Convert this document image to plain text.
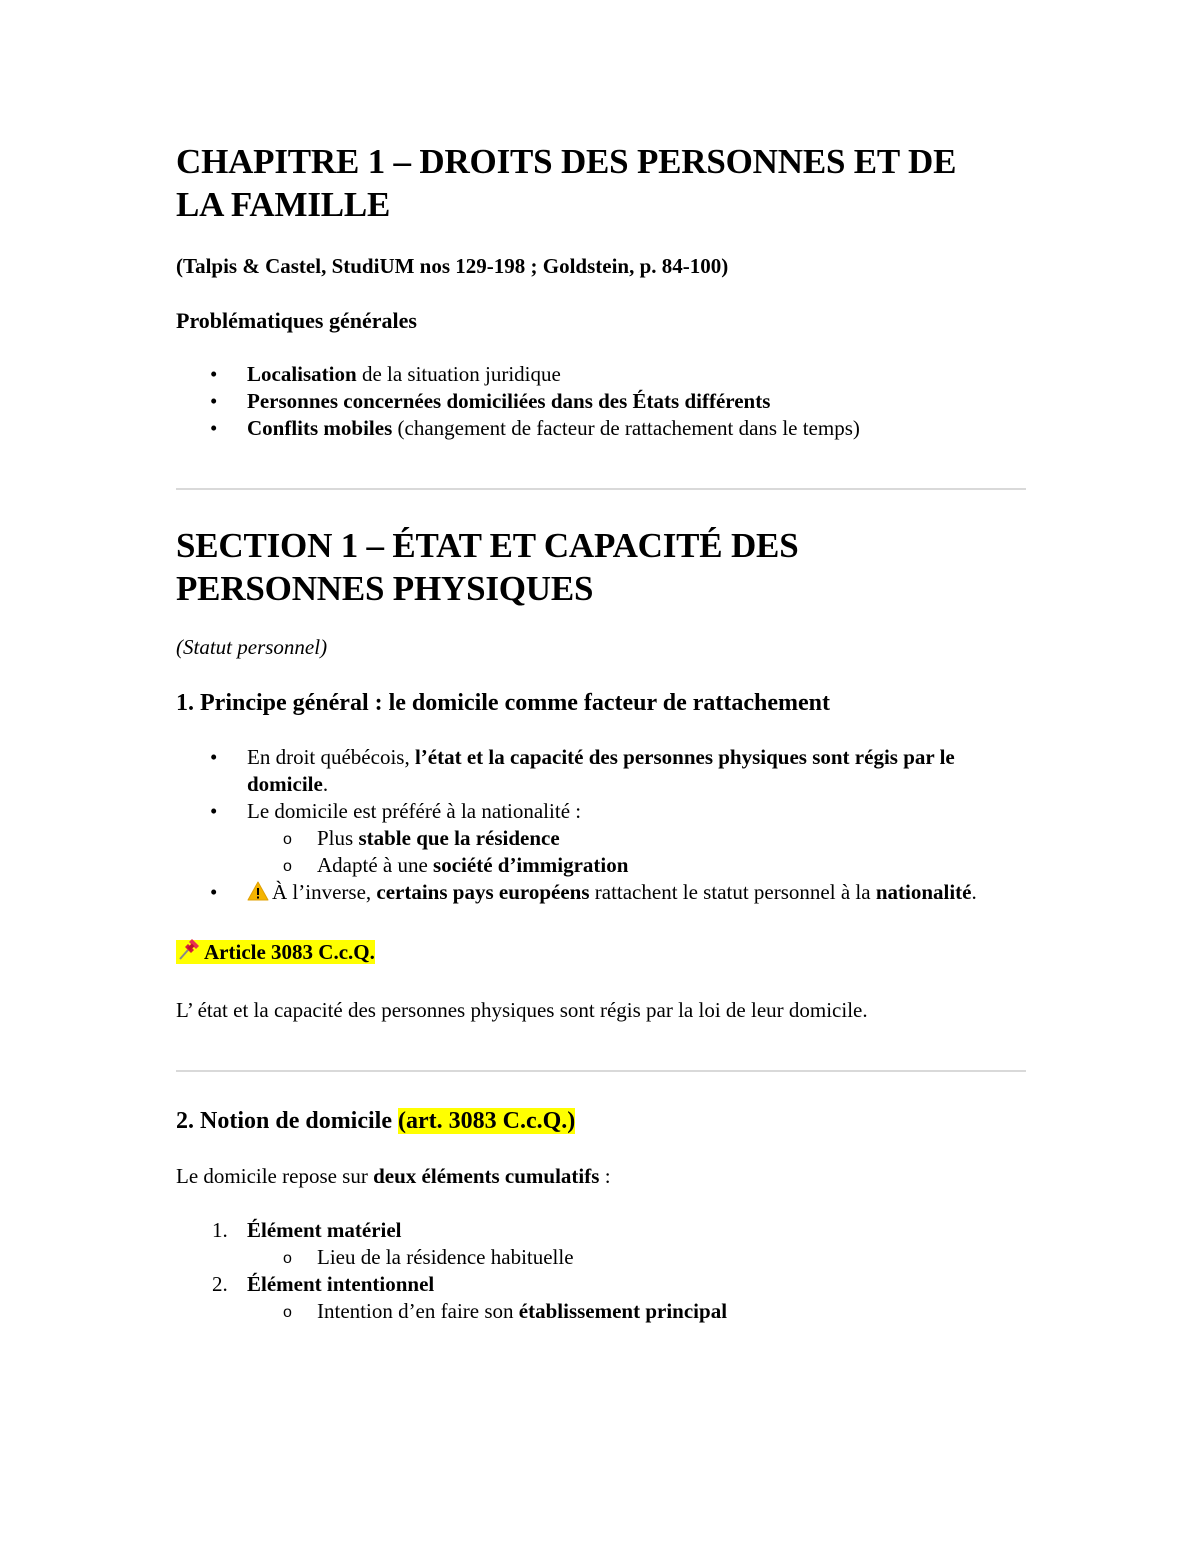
CHAPITRE 1 – DROITS DES PERSONNES ET DE LA FAMILLE

(Talpis & Castel, StudiUM nos 129-198 ; Goldstein, p. 84-100)

Problématiques générales

• Localisation de la situation juridique
• Personnes concernées domiciliées dans des États différents
• Conflits mobiles (changement de facteur de rattachement dans le temps)
SECTION 1 – ÉTAT ET CAPACITÉ DES PERSONNES PHYSIQUES

(Statut personnel)

1. Principe général : le domicile comme facteur de rattachement
• En droit québécois, l’état et la capacité des personnes physiques sont régis par le domicile.
• Le domicile est préféré à la nationalité :
o Plus stable que la résidence
o Adapté à une société d’immigration
•	À l’inverse, certains pays européens rattachent le statut personnel à la nationalité.

Article 3083 C.c.Q.

L’ état et la capacité des personnes physiques sont régis par la loi de leur domicile.

2. Notion de domicile (art. 3083 C.c.Q.)

Le domicile repose sur deux éléments cumulatifs :

1. Élément matériel
o Lieu de la résidence habituelle
2. Élément intentionnel
o Intention d’en faire son établissement principal
